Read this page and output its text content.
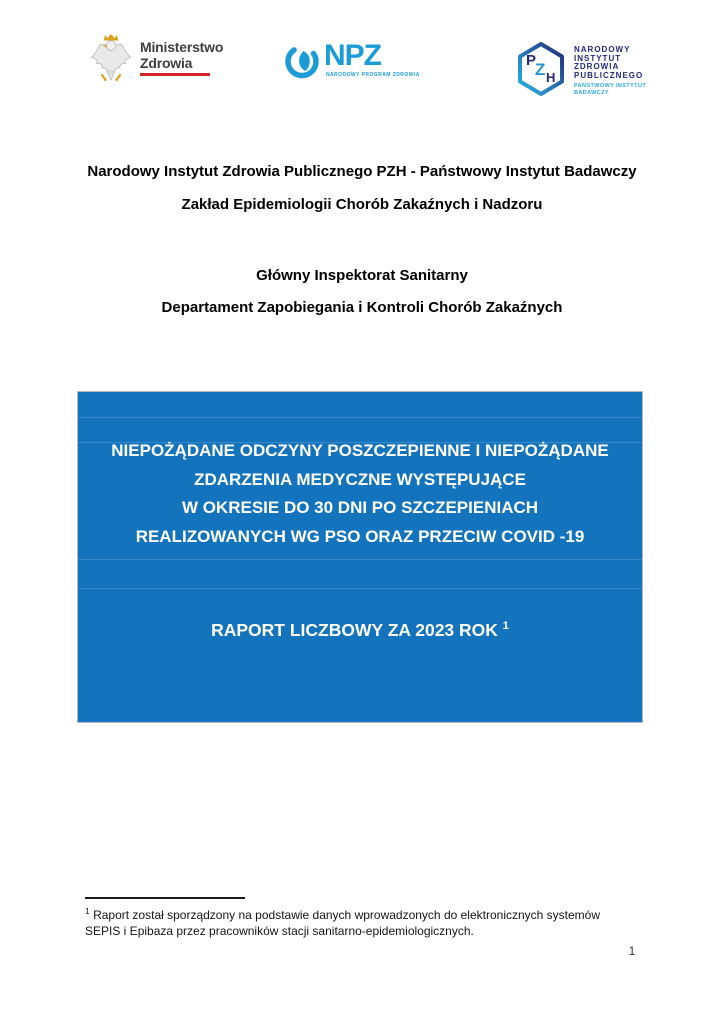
Ministerstwo
Zdrowia	NPZ
NARODOWY PROGRAM ZDROWIA
P
Z H
NARODOWY
INSTYTUT
ZDROWIA
PUBLICZNEGO
PAŃSTWOWY INSTYTUT
BADAWCZY
Narodowy Instytut Zdrowia Publicznego PZH - Państwowy Instytut Badawczy
Zakład Epidemiologii Chorób Zakaźnych i Nadzoru
Główny Inspektorat Sanitarny
Departament Zapobiegania i Kontroli Chorób Zakaźnych
NIEPOŻĄDANE ODCZYNY POSZCZEPIENNE I NIEPOŻĄDANE
ZDARZENIA MEDYCZNE WYSTĘPUJĄCE
W OKRESIE DO 30 DNI PO SZCZEPIENIACH
REALIZOWANYCH WG PSO ORAZ PRZECIW COVID -19
RAPORT LICZBOWY ZA 2023 ROK $^1$
$^1$ Raport został sporządzony na podstawie danych wprowadzonych do elektronicznych systemów SEPIS i Epibaza przez pracowników stacji sanitarno-epidemiologicznych.
1
